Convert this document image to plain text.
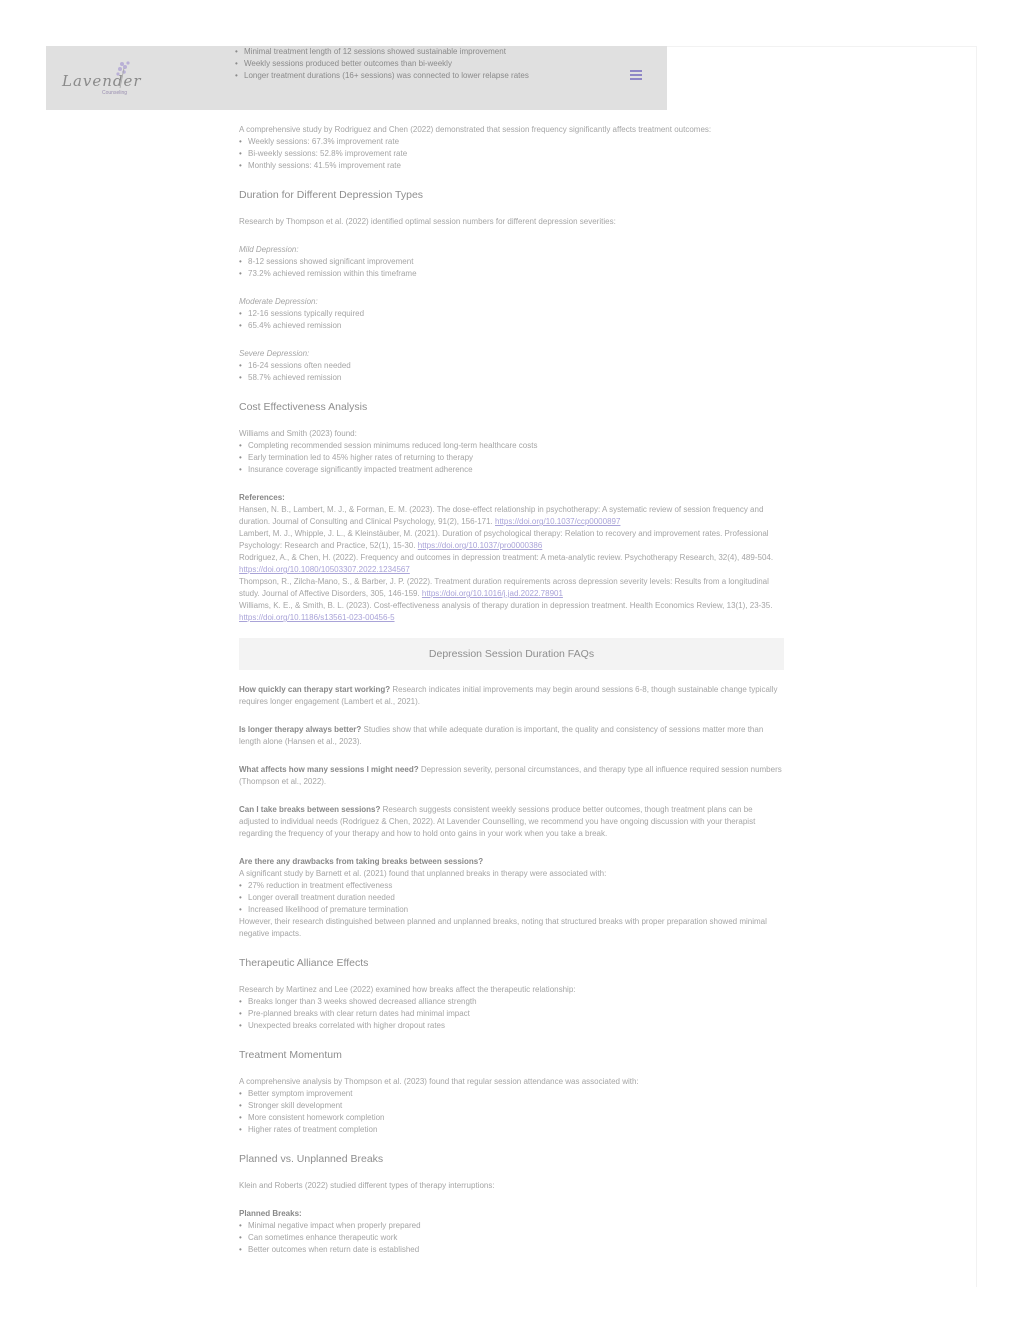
Lavender
Counseling
• Minimal treatment length of 12 sessions showed sustainable improvement
• Weekly sessions produced better outcomes than bi-weekly
• Longer treatment durations (16+ sessions) was connected to lower relapse rates

A comprehensive study by Rodriguez and Chen (2022) demonstrated that session frequency significantly affects treatment outcomes:

• Weekly sessions: 67.3% improvement rate
• Bi-weekly sessions: 52.8% improvement rate
• Monthly sessions: 41.5% improvement rate
Duration for Different Depression Types

Research by Thompson et al. (2022) identified optimal session numbers for different depression severities:

Mild Depression:

• 8-12 sessions showed significant improvement
• 73.2% achieved remission within this timeframe

Moderate Depression:

• 12-16 sessions typically required
• 65.4% achieved remission

Severe Depression:

• 16-24 sessions often needed
• 58.7% achieved remission
Cost Effectiveness Analysis

Williams and Smith (2023) found:

• Completing recommended session minimums reduced long-term healthcare costs
• Early termination led to 45% higher rates of returning to therapy
• Insurance coverage significantly impacted treatment adherence

References:

Hansen, N. B., Lambert, M. J., & Forman, E. M. (2023). The dose-effect relationship in psychotherapy: A systematic review of session frequency and duration. Journal of Consulting and Clinical Psychology, 91(2), 156-171. https://doi.org/10.1037/ccp0000897

Lambert, M. J., Whipple, J. L., & Kleinstäuber, M. (2021). Duration of psychological therapy: Relation to recovery and improvement rates. Professional Psychology: Research and Practice, 52(1), 15-30. https://doi.org/10.1037/pro0000386

Rodriguez, A., & Chen, H. (2022). Frequency and outcomes in depression treatment: A meta-analytic review. Psychotherapy Research, 32(4), 489-504. https://doi.org/10.1080/10503307.2022.1234567

Thompson, R., Zilcha-Mano, S., & Barber, J. P. (2022). Treatment duration requirements across depression severity levels: Results from a longitudinal study. Journal of Affective Disorders, 305, 146-159. https://doi.org/10.1016/j.jad.2022.78901

Williams, K. E., & Smith, B. L. (2023). Cost-effectiveness analysis of therapy duration in depression treatment. Health Economics Review, 13(1), 23-35. https://doi.org/10.1186/s13561-023-00456-5

Depression Session Duration FAQs

How quickly can therapy start working? Research indicates initial improvements may begin around sessions 6-8, though sustainable change typically requires longer engagement (Lambert et al., 2021).

Is longer therapy always better? Studies show that while adequate duration is important, the quality and consistency of sessions matter more than length alone (Hansen et al., 2023).

What affects how many sessions I might need? Depression severity, personal circumstances, and therapy type all influence required session numbers (Thompson et al., 2022).

Can I take breaks between sessions? Research suggests consistent weekly sessions produce better outcomes, though treatment plans can be adjusted to individual needs (Rodriguez & Chen, 2022). At Lavender Counselling, we recommend you have ongoing discussion with your therapist regarding the frequency of your therapy and how to hold onto gains in your work when you take a break.

Are there any drawbacks from taking breaks between sessions?

A significant study by Barnett et al. (2021) found that unplanned breaks in therapy were associated with:

• 27% reduction in treatment effectiveness
• Longer overall treatment duration needed
• Increased likelihood of premature termination

However, their research distinguished between planned and unplanned breaks, noting that structured breaks with proper preparation showed minimal negative impacts.

Therapeutic Alliance Effects

Research by Martinez and Lee (2022) examined how breaks affect the therapeutic relationship:

• Breaks longer than 3 weeks showed decreased alliance strength
• Pre-planned breaks with clear return dates had minimal impact
• Unexpected breaks correlated with higher dropout rates
Treatment Momentum

A comprehensive analysis by Thompson et al. (2023) found that regular session attendance was associated with:

• Better symptom improvement
• Stronger skill development
• More consistent homework completion
• Higher rates of treatment completion
Planned vs. Unplanned Breaks

Klein and Roberts (2022) studied different types of therapy interruptions:

Planned Breaks:

• Minimal negative impact when properly prepared
• Can sometimes enhance therapeutic work
• Better outcomes when return date is established
